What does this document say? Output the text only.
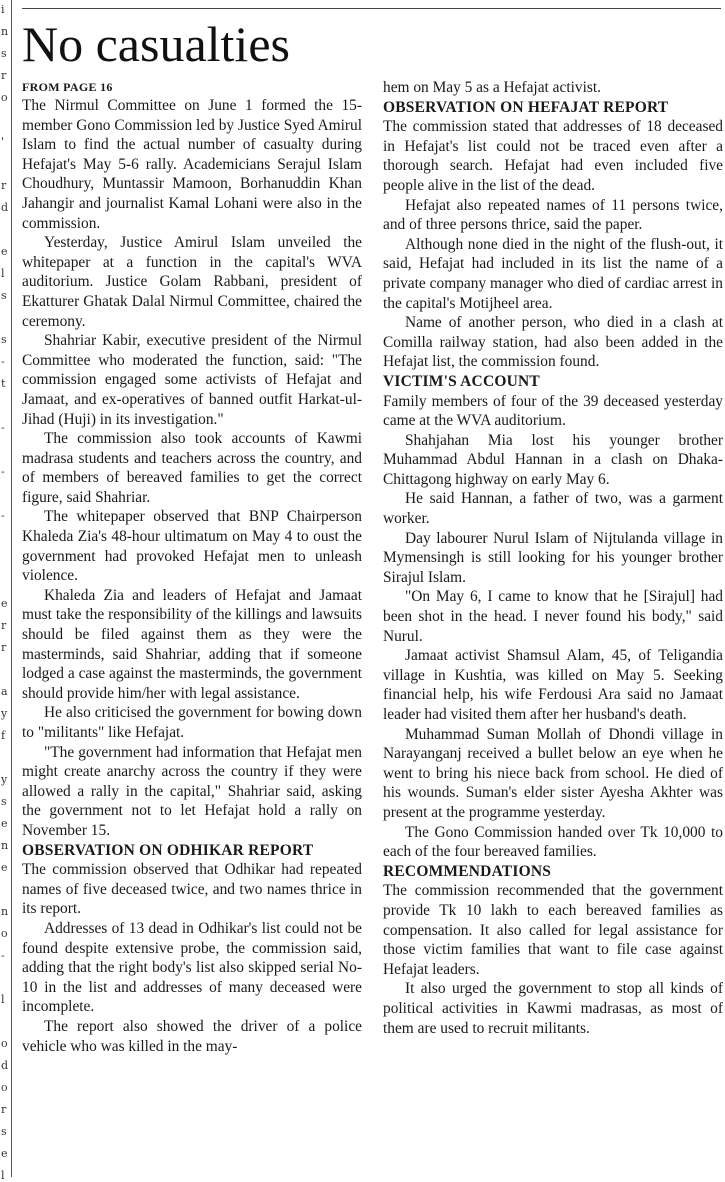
i
n
s
r
o
'
r
d
e
l
s
s
-
t
-
-
-
e
r
r
a
y
f
y
s
e
n
e
n
o
-
l
o
d
o
r
s
e
l
No casualties

FROM PAGE 16

The Nirmul Committee on June 1 formed the 15-member Gono Commission led by Justice Syed Amirul Islam to find the actual number of casualty during Hefajat's May 5-6 rally. Academicians Serajul Islam Choudhury, Muntassir Mamoon, Borhanuddin Khan Jahangir and journalist Kamal Lohani were also in the commission.

Yesterday, Justice Amirul Islam unveiled the whitepaper at a function in the capital's WVA auditorium. Justice Golam Rabbani, president of Ekatturer Ghatak Dalal Nirmul Committee, chaired the ceremony.

Shahriar Kabir, executive president of the Nirmul Committee who moderated the function, said: "The commission engaged some activists of Hefajat and Jamaat, and ex-operatives of banned outfit Harkat-ul-Jihad (Huji) in its investigation."

The commission also took accounts of Kawmi madrasa students and teachers across the country, and of members of bereaved families to get the correct figure, said Shahriar.

The whitepaper observed that BNP Chairperson Khaleda Zia's 48-hour ultimatum on May 4 to oust the government had provoked Hefajat men to unleash violence.

Khaleda Zia and leaders of Hefajat and Jamaat must take the responsibility of the killings and lawsuits should be filed against them as they were the masterminds, said Shahriar, adding that if someone lodged a case against the masterminds, the government should provide him/her with legal assistance.

He also criticised the government for bowing down to "militants" like Hefajat.

"The government had information that Hefajat men might create anarchy across the country if they were allowed a rally in the capital," Shahriar said, asking the government not to let Hefajat hold a rally on November 15.

OBSERVATION ON ODHIKAR REPORT

The commission observed that Odhikar had repeated names of five deceased twice, and two names thrice in its report.

Addresses of 13 dead in Odhikar's list could not be found despite extensive probe, the commission said, adding that the right body's list also skipped serial No-10 in the list and addresses of many deceased were incomplete.

The report also showed the driver of a police vehicle who was killed in the may-

hem on May 5 as a Hefajat activist.

OBSERVATION ON HEFAJAT REPORT

The commission stated that addresses of 18 deceased in Hefajat's list could not be traced even after a thorough search. Hefajat had even included five people alive in the list of the dead.

Hefajat also repeated names of 11 persons twice, and of three persons thrice, said the paper.

Although none died in the night of the flush-out, it said, Hefajat had included in its list the name of a private company manager who died of cardiac arrest in the capital's Motijheel area.

Name of another person, who died in a clash at Comilla railway station, had also been added in the Hefajat list, the commission found.

VICTIM'S ACCOUNT

Family members of four of the 39 deceased yesterday came at the WVA auditorium.

Shahjahan Mia lost his younger brother Muhammad Abdul Hannan in a clash on Dhaka-Chittagong highway on early May 6.

He said Hannan, a father of two, was a garment worker.

Day labourer Nurul Islam of Nijtulanda village in Mymensingh is still looking for his younger brother Sirajul Islam.

"On May 6, I came to know that he [Sirajul] had been shot in the head. I never found his body," said Nurul.

Jamaat activist Shamsul Alam, 45, of Teligandia village in Kushtia, was killed on May 5. Seeking financial help, his wife Ferdousi Ara said no Jamaat leader had visited them after her husband's death.

Muhammad Suman Mollah of Dhondi village in Narayanganj received a bullet below an eye when he went to bring his niece back from school. He died of his wounds. Suman's elder sister Ayesha Akhter was present at the programme yesterday.

The Gono Commission handed over Tk 10,000 to each of the four bereaved families.

RECOMMENDATIONS

The commission recommended that the government provide Tk 10 lakh to each bereaved families as compensation. It also called for legal assistance for those victim families that want to file case against Hefajat leaders.

It also urged the government to stop all kinds of political activities in Kawmi madrasas, as most of them are used to recruit militants.
